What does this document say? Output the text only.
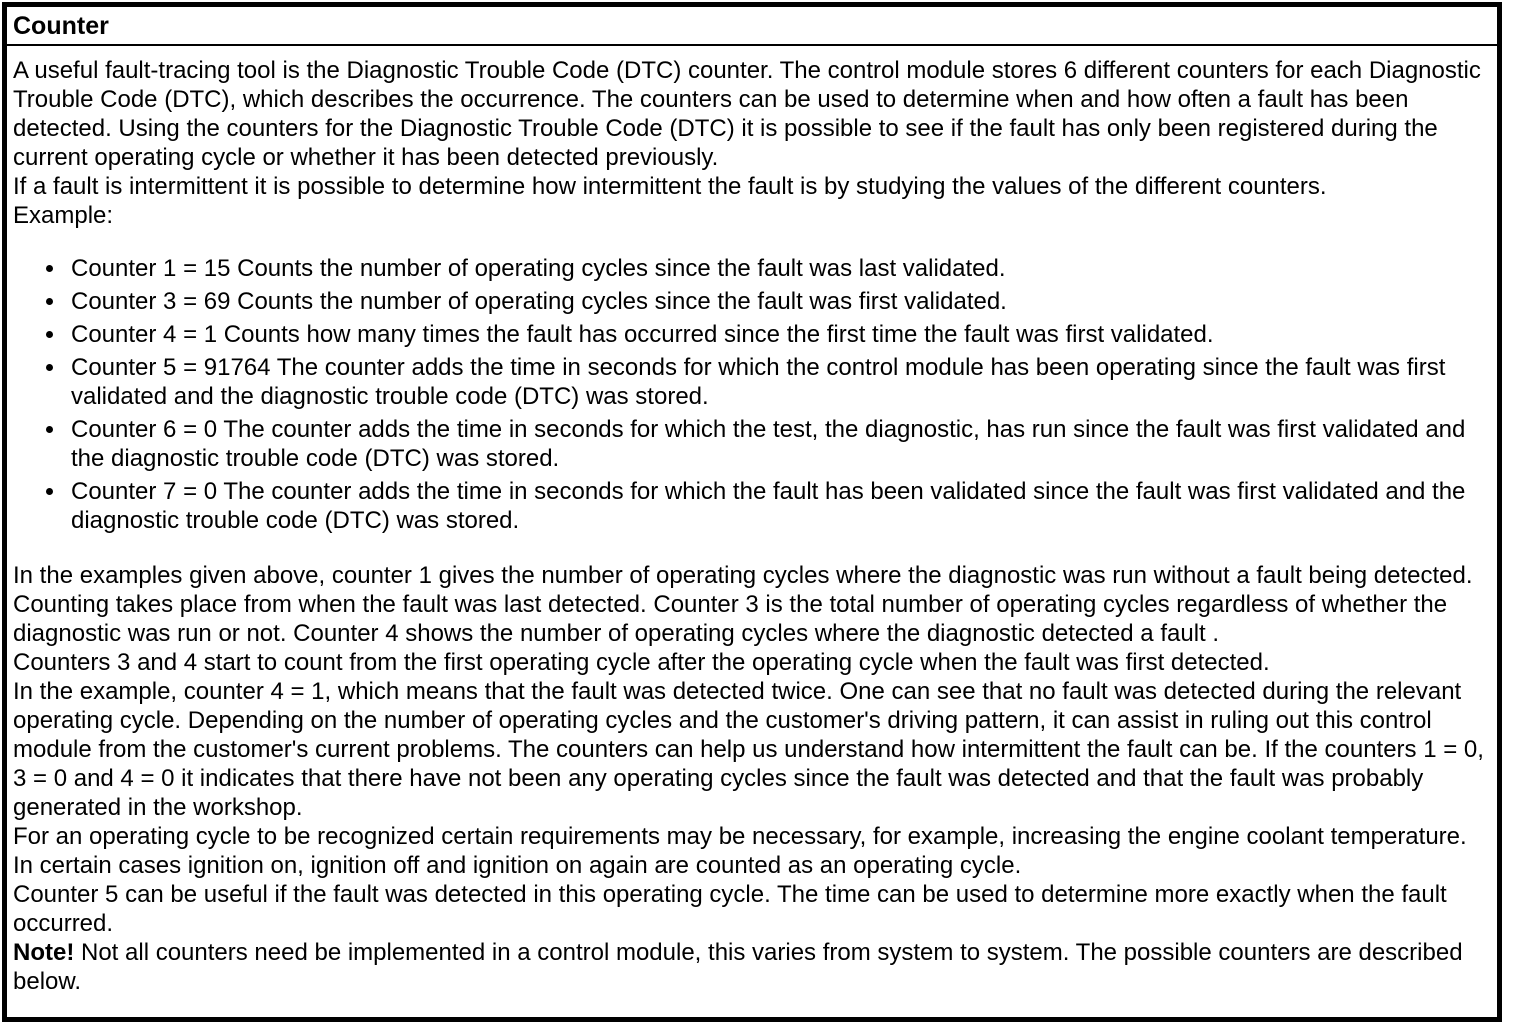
Counter
A useful fault-tracing tool is the Diagnostic Trouble Code (DTC) counter. The control module stores 6 different counters for each Diagnostic Trouble Code (DTC), which describes the occurrence. The counters can be used to determine when and how often a fault has been detected. Using the counters for the Diagnostic Trouble Code (DTC) it is possible to see if the fault has only been registered during the current operating cycle or whether it has been detected previously.
If a fault is intermittent it is possible to determine how intermittent the fault is by studying the values of the different counters.
Example:
• Counter 1 = 15 Counts the number of operating cycles since the fault was last validated.
• Counter 3 = 69 Counts the number of operating cycles since the fault was first validated.
• Counter 4 = 1 Counts how many times the fault has occurred since the first time the fault was first validated.
• Counter 5 = 91764 The counter adds the time in seconds for which the control module has been operating since the fault was first validated and the diagnostic trouble code (DTC) was stored.
• Counter 6 = 0 The counter adds the time in seconds for which the test, the diagnostic, has run since the fault was first validated and the diagnostic trouble code (DTC) was stored.
• Counter 7 = 0 The counter adds the time in seconds for which the fault has been validated since the fault was first validated and the diagnostic trouble code (DTC) was stored.
In the examples given above, counter 1 gives the number of operating cycles where the diagnostic was run without a fault being detected. Counting takes place from when the fault was last detected. Counter 3 is the total number of operating cycles regardless of whether the diagnostic was run or not. Counter 4 shows the number of operating cycles where the diagnostic detected a fault .
Counters 3 and 4 start to count from the first operating cycle after the operating cycle when the fault was first detected.
In the example, counter 4 = 1, which means that the fault was detected twice. One can see that no fault was detected during the relevant operating cycle. Depending on the number of operating cycles and the customer's driving pattern, it can assist in ruling out this control module from the customer's current problems. The counters can help us understand how intermittent the fault can be. If the counters 1 = 0, 3 = 0 and 4 = 0 it indicates that there have not been any operating cycles since the fault was detected and that the fault was probably generated in the workshop.
For an operating cycle to be recognized certain requirements may be necessary, for example, increasing the engine coolant temperature. In certain cases ignition on, ignition off and ignition on again are counted as an operating cycle.
Counter 5 can be useful if the fault was detected in this operating cycle. The time can be used to determine more exactly when the fault occurred.
Note! Not all counters need be implemented in a control module, this varies from system to system. The possible counters are described below.
